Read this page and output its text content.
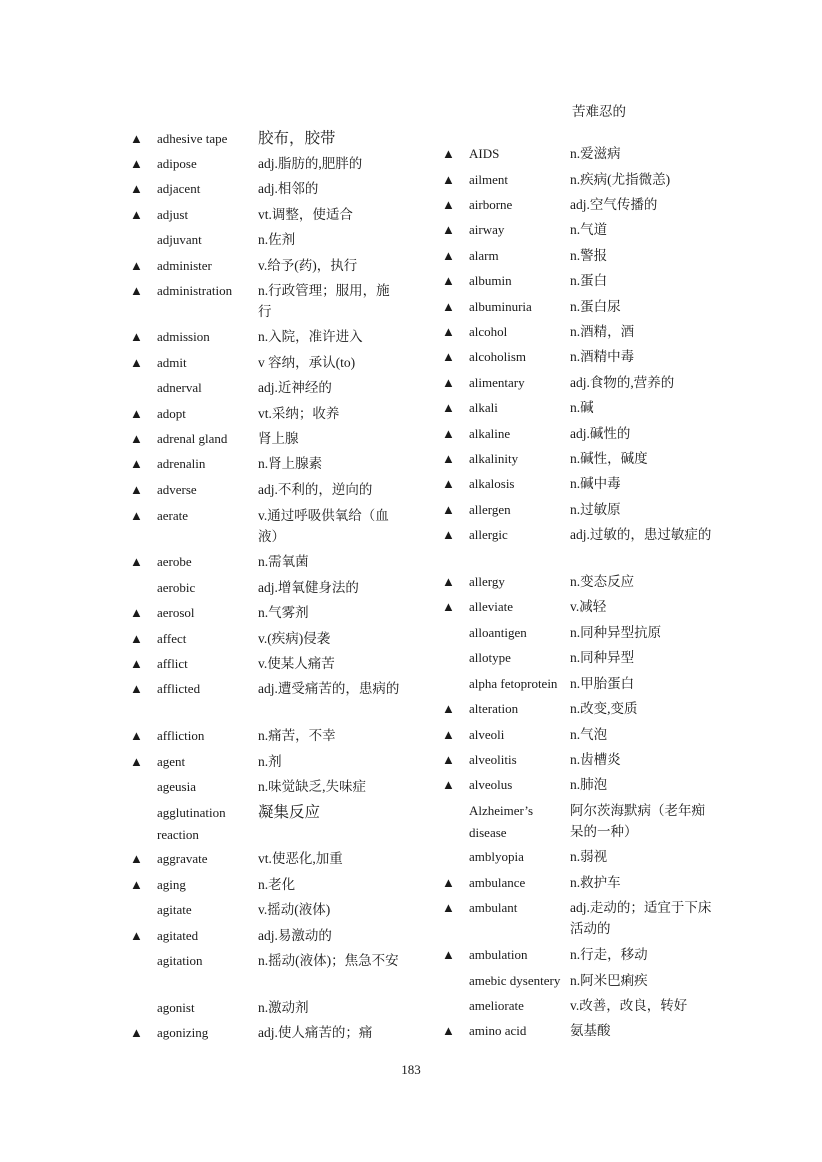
苦难忍的
▲ adhesive tape 胶布，胶带
▲ adipose	adj.脂肪的,肥胖的
▲ adjacent	adj.相邻的
▲ adjust	vt.调整，使适合
adjuvant	n.佐剂
▲ administer	v.给予(药)，执行
▲ administration n.行政管理；服用，施行
▲ admission	n.入院，准许进入
▲ admit	v 容纳，承认(to)
adnerval	adj.近神经的
▲ adopt	vt.采纳；收养
▲ adrenal gland 肾上腺
▲ adrenalin	n.肾上腺素
▲ adverse	adj.不利的，逆向的
▲ aerate	v.通过呼吸供氧给（血液）
▲ aerobe	n.需氧菌
aerobic	adj.增氧健身法的
▲ aerosol	n.气雾剂
▲ affect	v.(疾病)侵袭
▲ afflict	v.使某人痛苦
▲ afflicted	adj.遭受痛苦的，患病的
▲ affliction	n.痛苦，不幸
▲ agent	n.剂
ageusia	n.味觉缺乏,失味症
agglutination reaction
凝集反应
▲ aggravate	vt.使恶化,加重
▲ aging	n.老化
agitate	v.摇动(液体)
▲ agitated	adj.易激动的
agitation	n.摇动(液体)；焦急不安
agonist	n.激动剂
▲ agonizing	adj.使人痛苦的；痛
▲ AIDS	n.爱滋病
▲ ailment	n.疾病(尤指微恙)
▲ airborne	adj.空气传播的
▲ airway	n.气道
▲ alarm	n.警报
▲ albumin	n.蛋白
▲ albuminuria	n.蛋白尿
▲ alcohol	n.酒精，酒
▲ alcoholism	n.酒精中毒
▲ alimentary	adj.食物的,营养的
▲ alkali	n.碱
▲ alkaline	adj.碱性的
▲ alkalinity	n.碱性，碱度
▲ alkalosis	n.碱中毒
▲ allergen	n.过敏原
▲ allergic	adj.过敏的，患过敏症的
▲ allergy	n.变态反应
▲ alleviate	v.减轻
alloantigen	n.同种异型抗原
allotype	n.同种异型
alpha fetoprotein n.甲胎蛋白
▲ alteration	n.改变,变质
▲ alveoli	n.气泡
▲ alveolitis	n.齿槽炎
▲ alveolus	n.肺泡
Alzheimer’s disease
阿尔茨海默病（老年痴呆的一种）
amblyopia	n.弱视
▲ ambulance	n.救护车
▲ ambulant	adj.走动的；适宜于下床活动的
▲ ambulation	n.行走，移动
amebic dysentery n.阿米巴痢疾
ameliorate	v.改善，改良，转好
▲ amino acid	氨基酸
183
